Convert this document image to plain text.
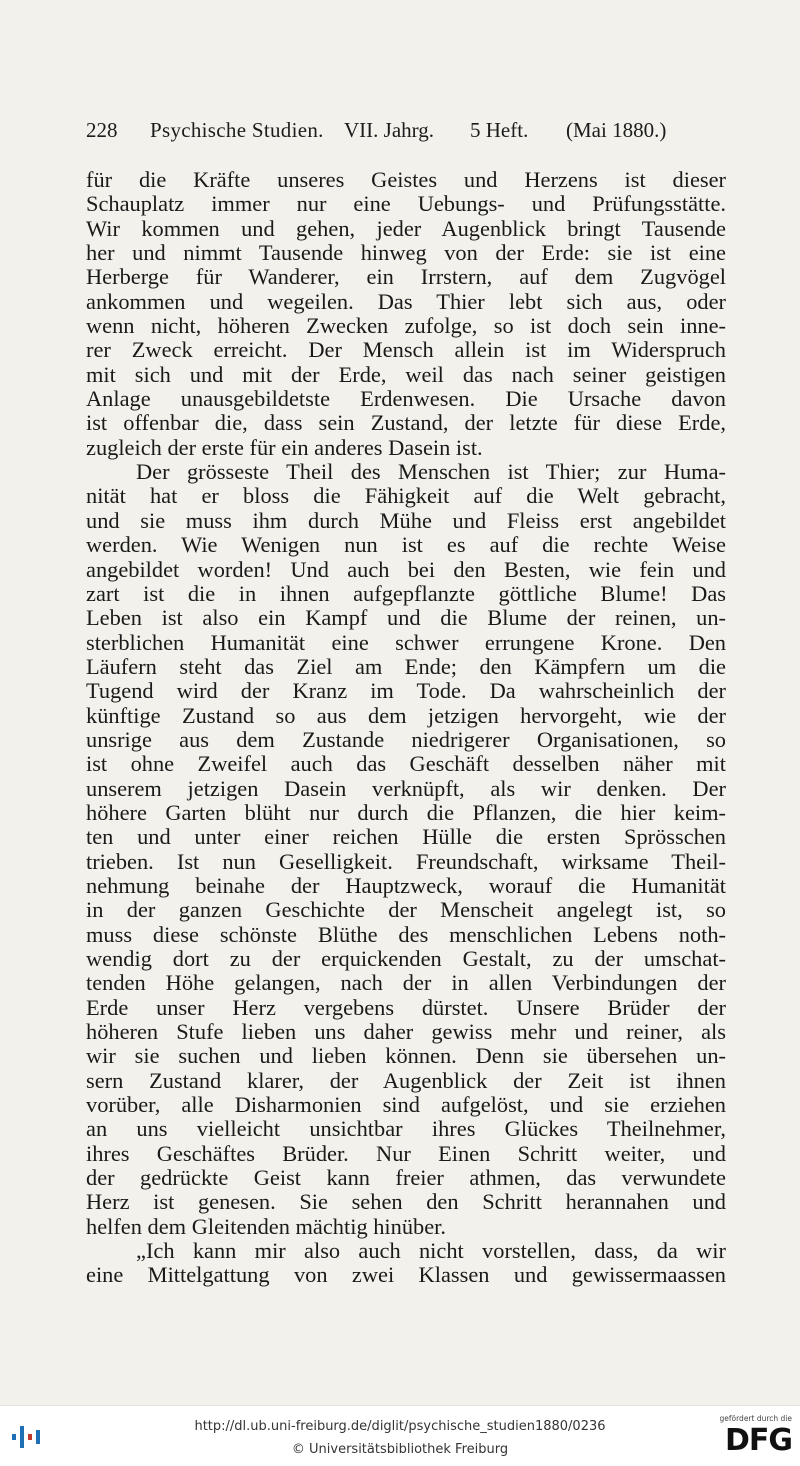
228 Psychische Studien. VII. Jahrg. 5 Heft. (Mai 1880.)
für die Kräfte unseres Geistes und Herzens ist dieser
Schauplatz immer nur eine Uebungs- und Prüfungsstätte.
Wir kommen und gehen, jeder Augenblick bringt Tausende
her und nimmt Tausende hinweg von der Erde: sie ist eine
Herberge für Wanderer, ein Irrstern, auf dem Zugvögel
ankommen und wegeilen. Das Thier lebt sich aus, oder
wenn nicht, höheren Zwecken zufolge, so ist doch sein inne-
rer Zweck erreicht. Der Mensch allein ist im Widerspruch
mit sich und mit der Erde, weil das nach seiner geistigen
Anlage unausgebildetste Erdenwesen. Die Ursache davon
ist offenbar die, dass sein Zustand, der letzte für diese Erde,
zugleich der erste für ein anderes Dasein ist.
Der grösseste Theil des Menschen ist Thier; zur Huma-
nität hat er bloss die Fähigkeit auf die Welt gebracht,
und sie muss ihm durch Mühe und Fleiss erst angebildet
werden. Wie Wenigen nun ist es auf die rechte Weise
angebildet worden! Und auch bei den Besten, wie fein und
zart ist die in ihnen aufgepflanzte göttliche Blume! Das
Leben ist also ein Kampf und die Blume der reinen, un-
sterblichen Humanität eine schwer errungene Krone. Den
Läufern steht das Ziel am Ende; den Kämpfern um die
Tugend wird der Kranz im Tode. Da wahrscheinlich der
künftige Zustand so aus dem jetzigen hervorgeht, wie der
unsrige aus dem Zustande niedrigerer Organisationen, so
ist ohne Zweifel auch das Geschäft desselben näher mit
unserem jetzigen Dasein verknüpft, als wir denken. Der
höhere Garten blüht nur durch die Pflanzen, die hier keim-
ten und unter einer reichen Hülle die ersten Sprösschen
trieben. Ist nun Geselligkeit. Freundschaft, wirksame Theil-
nehmung beinahe der Hauptzweck, worauf die Humanität
in der ganzen Geschichte der Menscheit angelegt ist, so
muss diese schönste Blüthe des menschlichen Lebens noth-
wendig dort zu der erquickenden Gestalt, zu der umschat-
tenden Höhe gelangen, nach der in allen Verbindungen der
Erde unser Herz vergebens dürstet. Unsere Brüder der
höheren Stufe lieben uns daher gewiss mehr und reiner, als
wir sie suchen und lieben können. Denn sie übersehen un-
sern Zustand klarer, der Augenblick der Zeit ist ihnen
vorüber, alle Disharmonien sind aufgelöst, und sie erziehen
an uns vielleicht unsichtbar ihres Glückes Theilnehmer,
ihres Geschäftes Brüder. Nur Einen Schritt weiter, und
der gedrückte Geist kann freier athmen, das verwundete
Herz ist genesen. Sie sehen den Schritt herannahen und
helfen dem Gleitenden mächtig hinüber.
„Ich kann mir also auch nicht vorstellen, dass, da wir
eine Mittelgattung von zwei Klassen und gewissermaassen
http://dl.ub.uni-freiburg.de/diglit/psychische_studien1880/0236
© Universitätsbibliothek Freiburg
gefördert durch die
DFG
